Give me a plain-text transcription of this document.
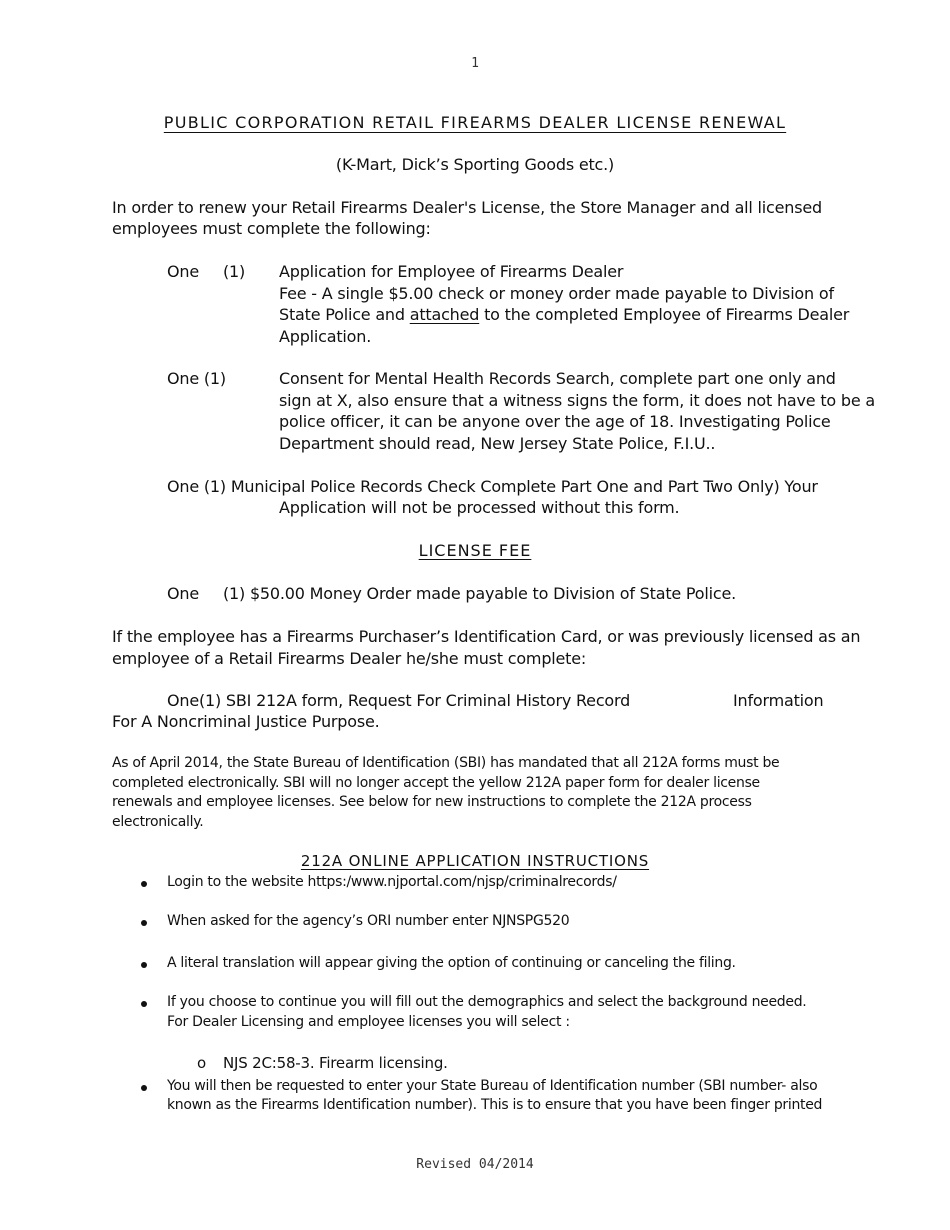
1
PUBLIC CORPORATION RETAIL FIREARMS DEALER LICENSE RENEWAL
(K-Mart, Dick’s Sporting Goods etc.)
In order to renew your Retail Firearms Dealer's License, the Store Manager and all licensed
employees must complete the following:
One (1) Application for Employee of Firearms Dealer
Fee - A single $5.00 check or money order made payable to Division of
State Police and attached to the completed Employee of Firearms Dealer
Application.
One (1)	Consent for Mental Health Records Search, complete part one only and
sign at X, also ensure that a witness signs the form, it does not have to be a
police officer, it can be anyone over the age of 18. Investigating Police
Department should read, New Jersey State Police, F.I.U..
One (1) Municipal Police Records Check Complete Part One and Part Two Only) Your
Application will not be processed without this form.
LICENSE FEE
One (1) $50.00 Money Order made payable to Division of State Police.
If the employee has a Firearms Purchaser’s Identification Card, or was previously licensed as an
employee of a Retail Firearms Dealer he/she must complete:
One(1) SBI 212A form, Request For Criminal History Record	Information
For A Noncriminal Justice Purpose.
As of April 2014, the State Bureau of Identification (SBI) has mandated that all 212A forms must be
completed electronically. SBI will no longer accept the yellow 212A paper form for dealer license
renewals and employee licenses. See below for new instructions to complete the 212A process
electronically.
212A ONLINE APPLICATION INSTRUCTIONS
Login to the website https:/www.njportal.com/njsp/criminalrecords/
When asked for the agency’s ORI number enter NJNSPG520
A literal translation will appear giving the option of continuing or canceling the filing.
If you choose to continue you will fill out the demographics and select the background needed.
For Dealer Licensing and employee licenses you will select :
o NJS 2C:58-3. Firearm licensing.
You will then be requested to enter your State Bureau of Identification number (SBI number- also
known as the Firearms Identification number). This is to ensure that you have been finger printed
Revised 04/2014
